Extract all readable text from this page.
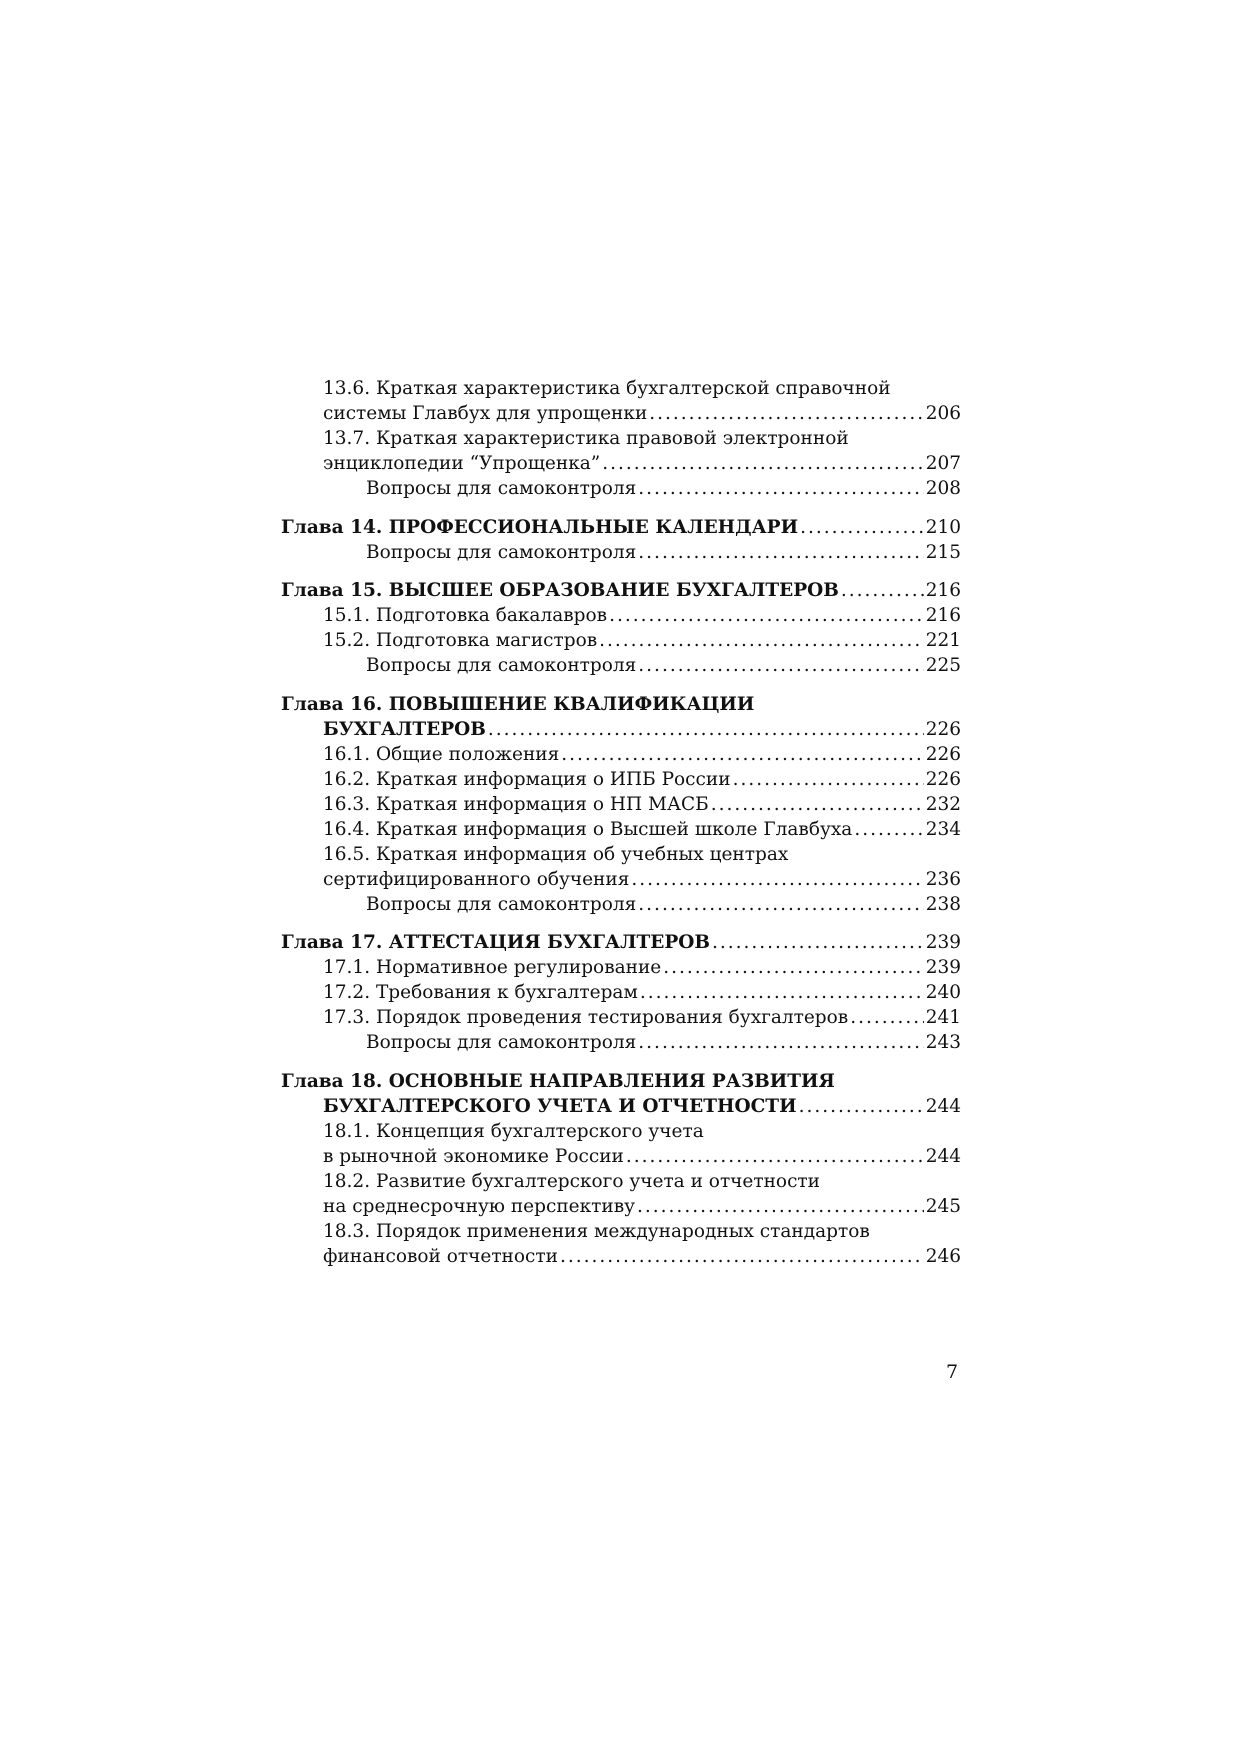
13.6. Краткая характеристика бухгалтерской справочной
системы Главбух для упрощенки .....	206
13.7. Краткая характеристика правовой электронной
энциклопедии “Упрощенка” .....	207
Вопросы для самоконтроля .....	208
Глава 14. ПРОФЕССИОНАЛЬНЫЕ КАЛЕНДАРИ .....	210
Вопросы для самоконтроля .....	215
Глава 15. ВЫСШЕЕ ОБРАЗОВАНИЕ БУХГАЛТЕРОВ .....	216
15.1. Подготовка бакалавров .....	216
15.2. Подготовка магистров .....	221
Вопросы для самоконтроля .....	225
Глава 16. ПОВЫШЕНИЕ КВАЛИФИКАЦИИ
БУХГАЛТЕРОВ .....	226
16.1. Общие положения .....	226
16.2. Краткая информация о ИПБ России .....	226
16.3. Краткая информация о НП МАСБ .....	232
16.4. Краткая информация о Высшей школе Главбуха .....	234
16.5. Краткая информация об учебных центрах
сертифицированного обучения .....	236
Вопросы для самоконтроля .....	238
Глава 17. АТТЕСТАЦИЯ БУХГАЛТЕРОВ .....	239
17.1. Нормативное регулирование .....	239
17.2. Требования к бухгалтерам .....	240
17.3. Порядок проведения тестирования бухгалтеров .....	241
Вопросы для самоконтроля .....	243
Глава 18. ОСНОВНЫЕ НАПРАВЛЕНИЯ РАЗВИТИЯ
БУХГАЛТЕРСКОГО УЧЕТА И ОТЧЕТНОСТИ .....	244
18.1. Концепция бухгалтерского учета
в рыночной экономике России .....	244
18.2. Развитие бухгалтерского учета и отчетности
на среднесрочную перспективу .....	245
18.3. Порядок применения международных стандартов
финансовой отчетности .....	246
7
